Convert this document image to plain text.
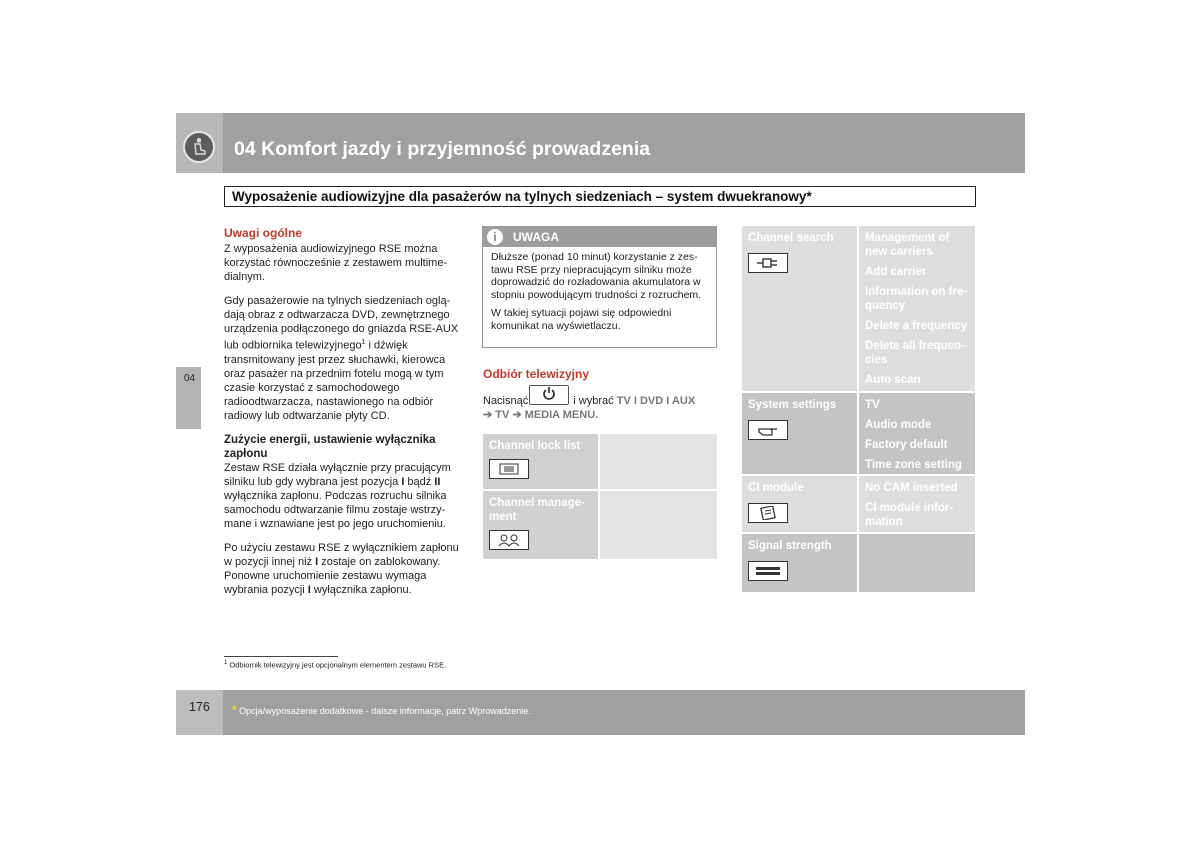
04 Komfort jazdy i przyjemność prowadzenia
Wyposażenie audiowizyjne dla pasażerów na tylnych siedzeniach – system dwuekranowy*
04
Uwagi ogólne

Z wyposażenia audiowizyjnego RSE można korzystać równocześnie z zestawem multimedialnym.

Gdy pasażerowie na tylnych siedzeniach oglądają obraz z odtwarzacza DVD, zewnętrznego urządzenia podłączonego do gniazda RSE-AUX lub odbiornika telewizyjnego$^1$ i dźwięk transmitowany jest przez słuchawki, kierowca oraz pasażer na przednim fotelu mogą w tym czasie korzystać z samochodowego radioodtwarzacza, nastawionego na odbiór radiowy lub odtwarzanie płyty CD.

Zużycie energii, ustawienie wyłącznika zapłonu

Zestaw RSE działa wyłącznie przy pracującym silniku lub gdy wybrana jest pozycja I bądź II wyłącznika zapłonu. Podczas rozruchu silnika samochodu odtwarzanie filmu zostaje wstrzymane i wznawiane jest po jego uruchomieniu.

Po użyciu zestawu RSE z wyłącznikiem zapłonu w pozycji innej niż I zostaje on zablokowany. Ponowne uruchomienie zestawu wymaga wybrania pozycji I wyłącznika zapłonu.

i	UWAGA

Dłuższe (ponad 10 minut) korzystanie z zestawu RSE przy niepracującym silniku może doprowadzić do rozładowania akumulatora w stopniu powodującym trudności z rozruchem.

W takiej sytuacji pojawi się odpowiedni komunikat na wyświetlaczu.

Odbiór telewizyjny
Nacisnąć	i wybrać TV I DVD I AUX
➔ TV ➔ MEDIA MENU.
Channel lock list
Channel management
Channel search	Management of new carriers
Add carrier
Information on frequency
Delete a frequency
Delete all frequencies
Auto scan
System settings	TV
Audio mode
Factory default
Time zone setting
CI module	No CAM inserted
CI module information
Signal strength
$^1$ Odbiornik telewizyjny jest opcjonalnym elementem zestawu RSE.
176 * Opcja/wyposażenie dodatkowe - dalsze informacje, patrz Wprowadzenie.
